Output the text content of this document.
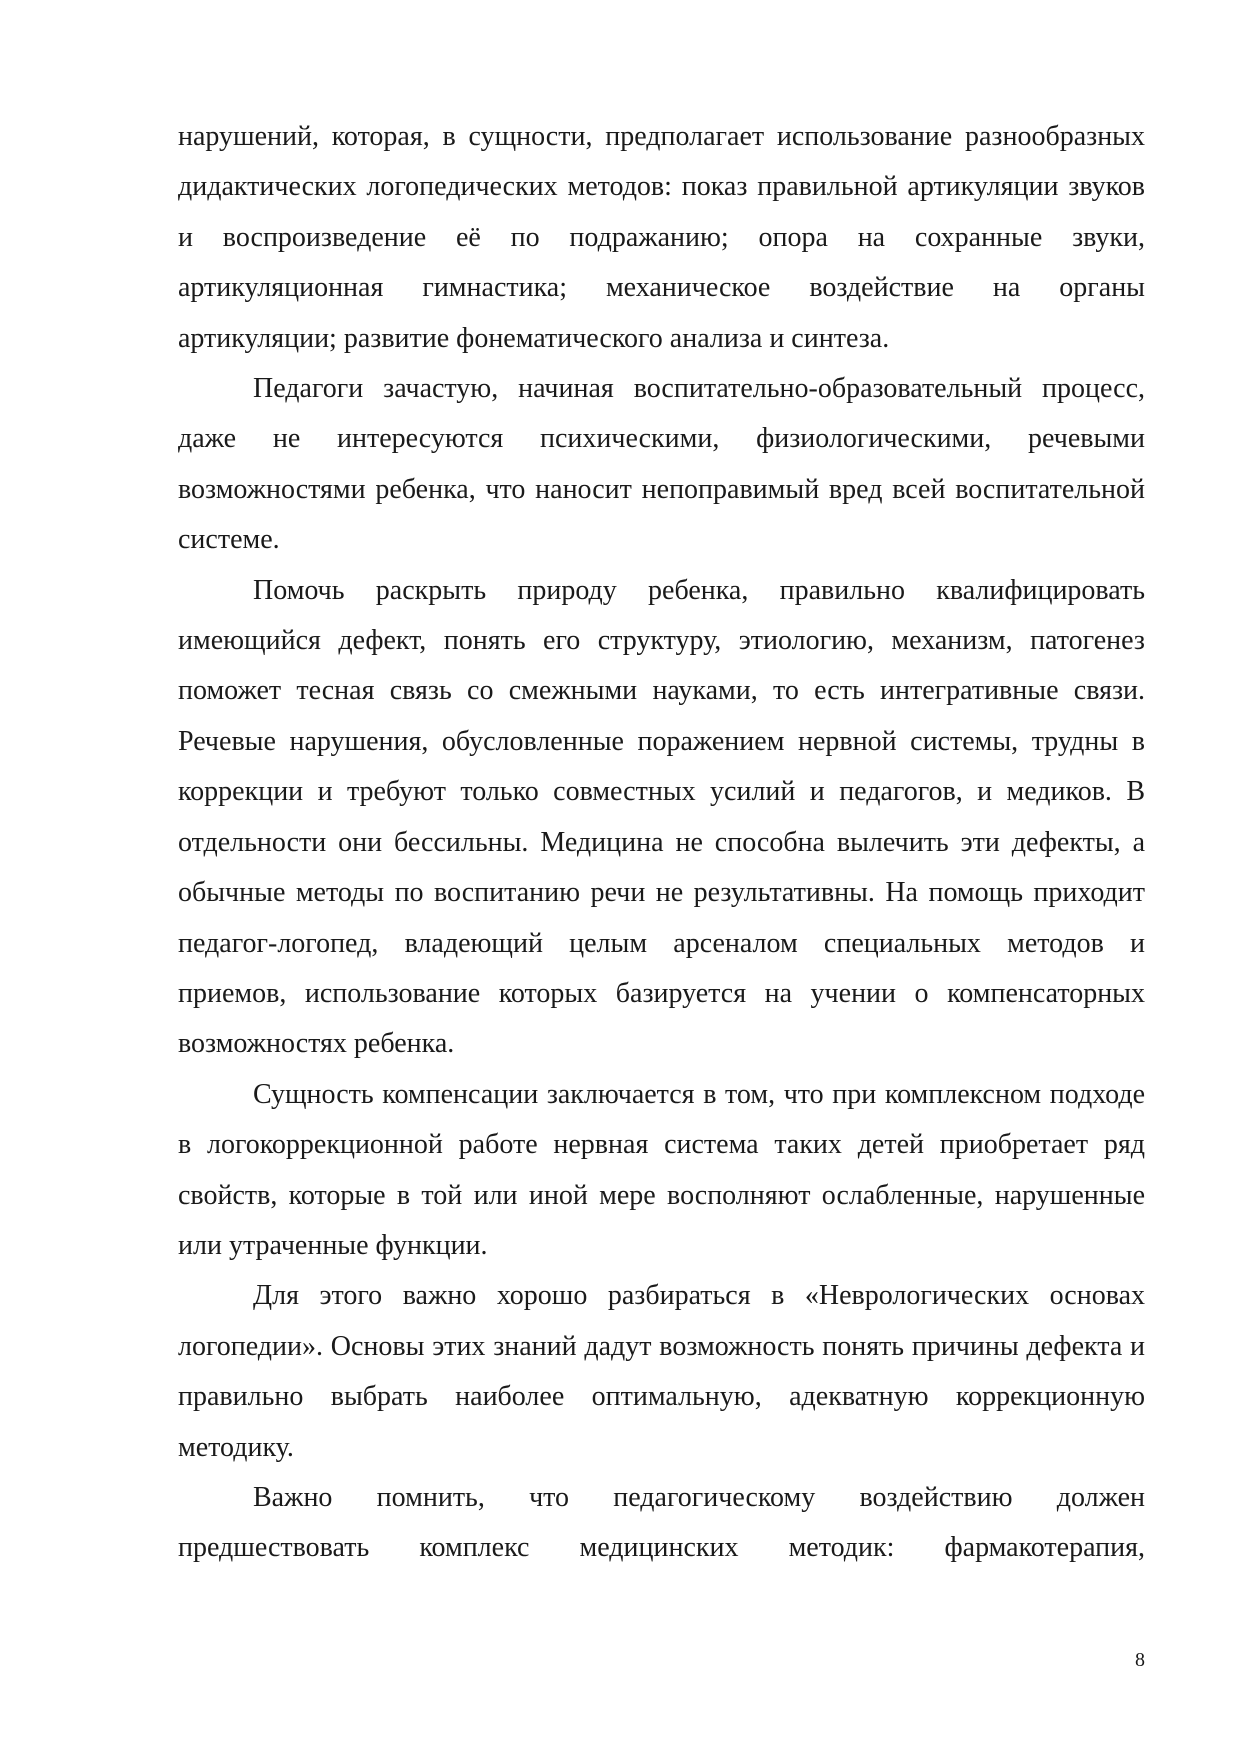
нарушений, которая, в сущности, предполагает использование разнообразных дидактических логопедических методов: показ правильной артикуляции звуков и воспроизведение её по подражанию; опора на сохранные звуки, артикуляционная гимнастика; механическое воздействие на органы артикуляции; развитие фонематического анализа и синтеза.

Педагоги зачастую, начиная воспитательно-образовательный процесс, даже не интересуются психическими, физиологическими, речевыми возможностями ребенка, что наносит непоправимый вред всей воспитательной системе.

Помочь раскрыть природу ребенка, правильно квалифицировать имеющийся дефект, понять его структуру, этиологию, механизм, патогенез поможет тесная связь со смежными науками, то есть интегративные связи. Речевые нарушения, обусловленные поражением нервной системы, трудны в коррекции и требуют только совместных усилий и педагогов, и медиков. В отдельности они бессильны. Медицина не способна вылечить эти дефекты, а обычные методы по воспитанию речи не результативны. На помощь приходит педагог-логопед, владеющий целым арсеналом специальных методов и приемов, использование которых базируется на учении о компенсаторных возможностях ребенка.

Сущность компенсации заключается в том, что при комплексном подходе в логокоррекционной работе нервная система таких детей приобретает ряд свойств, которые в той или иной мере восполняют ослабленные, нарушенные или утраченные функции.

Для этого важно хорошо разбираться в «Неврологических основах логопедии». Основы этих знаний дадут возможность понять причины дефекта и правильно выбрать наиболее оптимальную, адекватную коррекционную методику.

Важно помнить, что педагогическому воздействию должен предшествовать комплекс медицинских методик: фармакотерапия,

8
